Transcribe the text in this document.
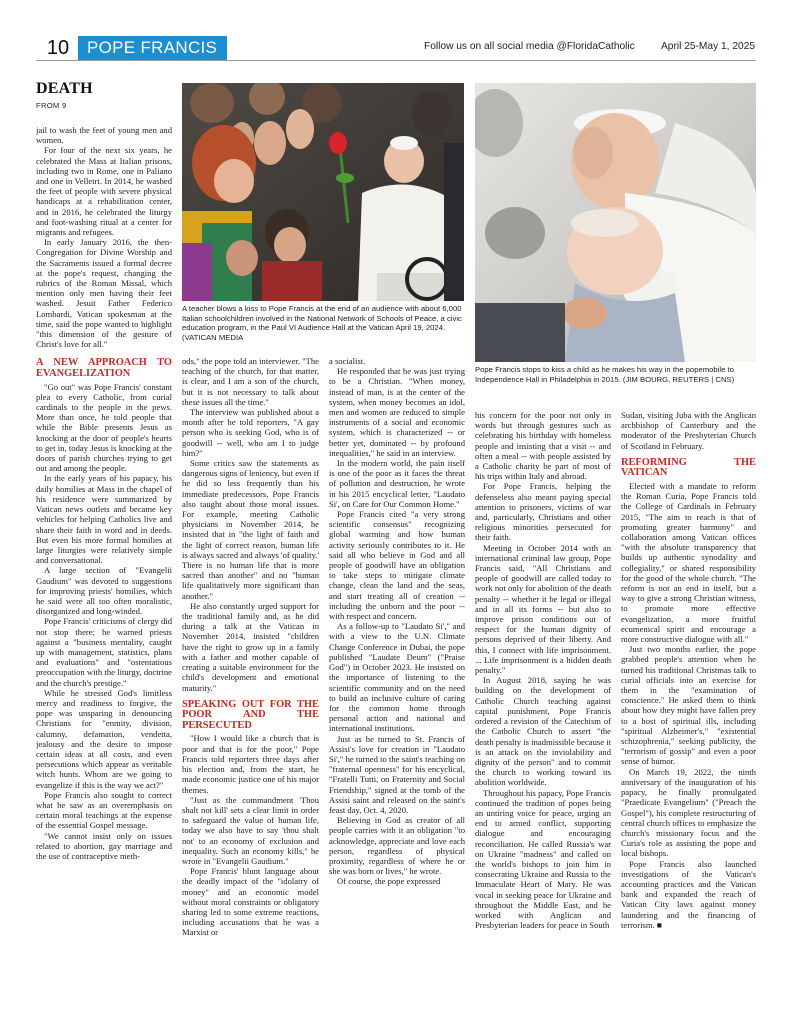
10	POPE FRANCIS	Follow us on all social media @FloridaCatholic	April 25-May 1, 2025
DEATH
FROM 9
A teacher blows a kiss to Pope Francis at the end of an audience with about 6,000 Italian schoolchildren involved in the National Network of Schools of Peace, a civic education program, in the Paul VI Audience Hall at the Vatican April 19, 2024. (VATICAN MEDIA
Pope Francis stops to kiss a child as he makes his way in the popemobile to Independence Hall in Philadelphia in 2015. (JIM BOURG, REUTERS | CNS)

jail to wash the feet of young men and women.

For four of the next six years, he celebrated the Mass at Italian prisons, including two in Rome, one in Paliano and one in Velletri. In 2014, he washed the feet of people with severe physical handicaps at a rehabilitation center, and in 2016, he celebrated the liturgy and foot-washing ritual at a center for migrants and refugees.

In early January 2016, the then-Congregation for Divine Worship and the Sacraments issued a formal decree at the pope's request, changing the rubrics of the Roman Missal, which mention only men having their feet washed. Jesuit Father Federico Lombardi, Vatican spokesman at the time, said the pope wanted to highlight "this dimension of the gesture of Christ's love for all."

A NEW APPROACH TO EVANGELIZATION

"Go out" was Pope Francis' constant plea to every Catholic, from curial cardinals to the people in the pews. More than once, he told people that while the Bible presents Jesus as knocking at the door of people's hearts to get in, today Jesus is knocking at the doors of parish churches trying to get out and among the people.

In the early years of his papacy, his daily homilies at Mass in the chapel of his residence were summarized by Vatican news outlets and became key vehicles for helping Catholics live and share their faith in word and in deeds. But even his more formal homilies at large liturgies were relatively simple and conversational.

A large section of "Evangelii Gaudium" was devoted to suggestions for improving priests' homilies, which he said were all too often moralistic, disorganized and long-winded.

Pope Francis' criticisms of clergy did not stop there; he warned priests against a "business mentality, caught up with management, statistics, plans and evaluations" and "ostentatious preoccupation with the liturgy, doctrine and the church's prestige."

While he stressed God's limitless mercy and readiness to forgive, the pope was unsparing in denouncing Christians for "enmity, division, calumny, defamation, vendetta, jealousy and the desire to impose certain ideas at all costs, and even persecutions which appear as veritable witch hunts. Whom are we going to evangelize if this is the way we act?"

Pope Francis also sought to correct what he saw as an overemphasis on certain moral teachings at the expense of the essential Gospel message.

"We cannot insist only on issues related to abortion, gay marriage and the use of contraceptive meth-

ods," the pope told an interviewer. "The teaching of the church, for that matter, is clear, and I am a son of the church, but it is not necessary to talk about these issues all the time."

The interview was published about a month after he told reporters, "A gay person who is seeking God, who is of goodwill -- well, who am I to judge him?"

Some critics saw the statements as dangerous signs of leniency, but even if he did so less frequently than his immediate predecessors, Pope Francis also taught about those moral issues. For example, meeting Catholic physicians in November 2014, he insisted that in "the light of faith and the light of correct reason, human life is always sacred and always 'of quality.' There is no human life that is more sacred than another" and no "human life qualitatively more significant than another."

He also constantly urged support for the traditional family and, as he did during a talk at the Vatican in November 2014, insisted "children have the right to grow up in a family with a father and mother capable of creating a suitable environment for the child's development and emotional maturity."

SPEAKING OUT FOR THE POOR AND THE PERSECUTED

"How I would like a church that is poor and that is for the poor," Pope Francis told reporters three days after his election and, from the start, he made economic justice one of his major themes.

"Just as the commandment 'Thou shalt not kill' sets a clear limit in order to safeguard the value of human life, today we also have to say 'thou shalt not' to an economy of exclusion and inequality. Such an economy kills," he wrote in "Evangelii Gaudium."

Pope Francis' blunt language about the deadly impact of the "idolatry of money" and an economic model without moral constraints or obligatory sharing led to some extreme reactions, including accusations that he was a Marxist or

a socialist.

He responded that he was just trying to be a Christian. "When money, instead of man, is at the center of the system, when money becomes an idol, men and women are reduced to simple instruments of a social and economic system, which is characterized -- or better yet, dominated -- by profound inequalities," he said in an interview.

In the modern world, the pain itself is one of the poor as it faces the threat of pollution and destruction, he wrote in his 2015 encyclical letter, "Laudato Si', on Care for Our Common Home."

Pope Francis cited "a very strong scientific consensus" recognizing global warming and how human activity seriously contributes to it. He said all who believe in God and all people of goodwill have an obligation to take steps to mitigate climate change, clean the land and the seas, and start treating all of creation -- including the unborn and the poor -- with respect and concern.

As a follow-up to "Laudato Si'," and with a view to the U.N. Climate Change Conference in Dubai, the pope published "Laudate Deum" ("Praise God") in October 2023. He insisted on the importance of listening to the scientific community and on the need to build an inclusive culture of caring for the common home through personal action and national and international institutions.

Just as he turned to St. Francis of Assisi's love for creation in "Laudato Si'," he turned to the saint's teaching on "fraternal openness" for his encyclical, "Fratelli Tutti, on Fraternity and Social Friendship," signed at the tomb of the Assisi saint and released on the saint's feast day, Oct. 4, 2020.

Believing in God as creator of all people carries with it an obligation "to acknowledge, appreciate and love each person, regardless of physical proximity, regardless of where he or she was born or lives," he wrote.

Of course, the pope expressed

his concern for the poor not only in words but through gestures such as celebrating his birthday with homeless people and insisting that a visit -- and often a meal -- with people assisted by a Catholic charity be part of most of his trips within Italy and abroad.

For Pope Francis, helping the defenseless also meant paying special attention to prisoners, victims of war and, particularly, Christians and other religious minorities persecuted for their faith.

Meeting in October 2014 with an international criminal law group, Pope Francis said, "All Christians and people of goodwill are called today to work not only for abolition of the death penalty -- whether it be legal or illegal and in all its forms -- but also to improve prison conditions out of respect for the human dignity of persons deprived of their liberty. And this, I connect with life imprisonment. ... Life imprisonment is a hidden death penalty."

In August 2018, saying he was building on the development of Catholic Church teaching against capital punishment, Pope Francis ordered a revision of the Catechism of the Catholic Church to assert "the death penalty is inadmissible because it is an attack on the inviolability and dignity of the person" and to commit the church to working toward its abolition worldwide.

Throughout his papacy, Pope Francis continued the tradition of popes being an untiring voice for peace, urging an end to armed conflict, supporting dialogue and encouraging reconciliation. He called Russia's war on Ukraine "madness" and called on the world's bishops to join him in consecrating Ukraine and Russia to the Immaculate Heart of Mary. He was vocal in seeking peace for Ukraine and throughout the Middle East, and he worked with Anglican and Presbyterian leaders for peace in South

Sudan, visiting Juba with the Anglican archbishop of Canterbury and the moderator of the Presbyterian Church of Scotland in February.

REFORMING THE VATICAN

Elected with a mandate to reform the Roman Curia, Pope Francis told the College of Cardinals in February 2015, "The aim to reach is that of promoting greater harmony" and collaboration among Vatican offices "with the absolute transparency that builds up authentic synodality and collegiality," or shared responsibility for the good of the whole church. "The reform is not an end in itself, but a way to give a strong Christian witness, to promote more effective evangelization, a more fruitful ecumenical spirit and encourage a more constructive dialogue with all."

Just two months earlier, the pope grabbed people's attention when he turned his traditional Christmas talk to curial officials into an exercise for them in the "examination of conscience." He asked them to think about how they might have fallen prey to a host of spiritual ills, including "spiritual Alzheimer's," "existential schizophrenia," seeking publicity, the "terrorism of gossip" and even a poor sense of humor.

On March 19, 2022, the ninth anniversary of the inauguration of his papacy, he finally promulgated "Praedicate Evangelium" ("Preach the Gospel"), his complete restructuring of central church offices to emphasize the church's missionary focus and the Curia's role as assisting the pope and local bishops.

Pope Francis also launched investigations of the Vatican's accounting practices and the Vatican bank and expanded the reach of Vatican City laws against money laundering and the financing of terrorism. ■
